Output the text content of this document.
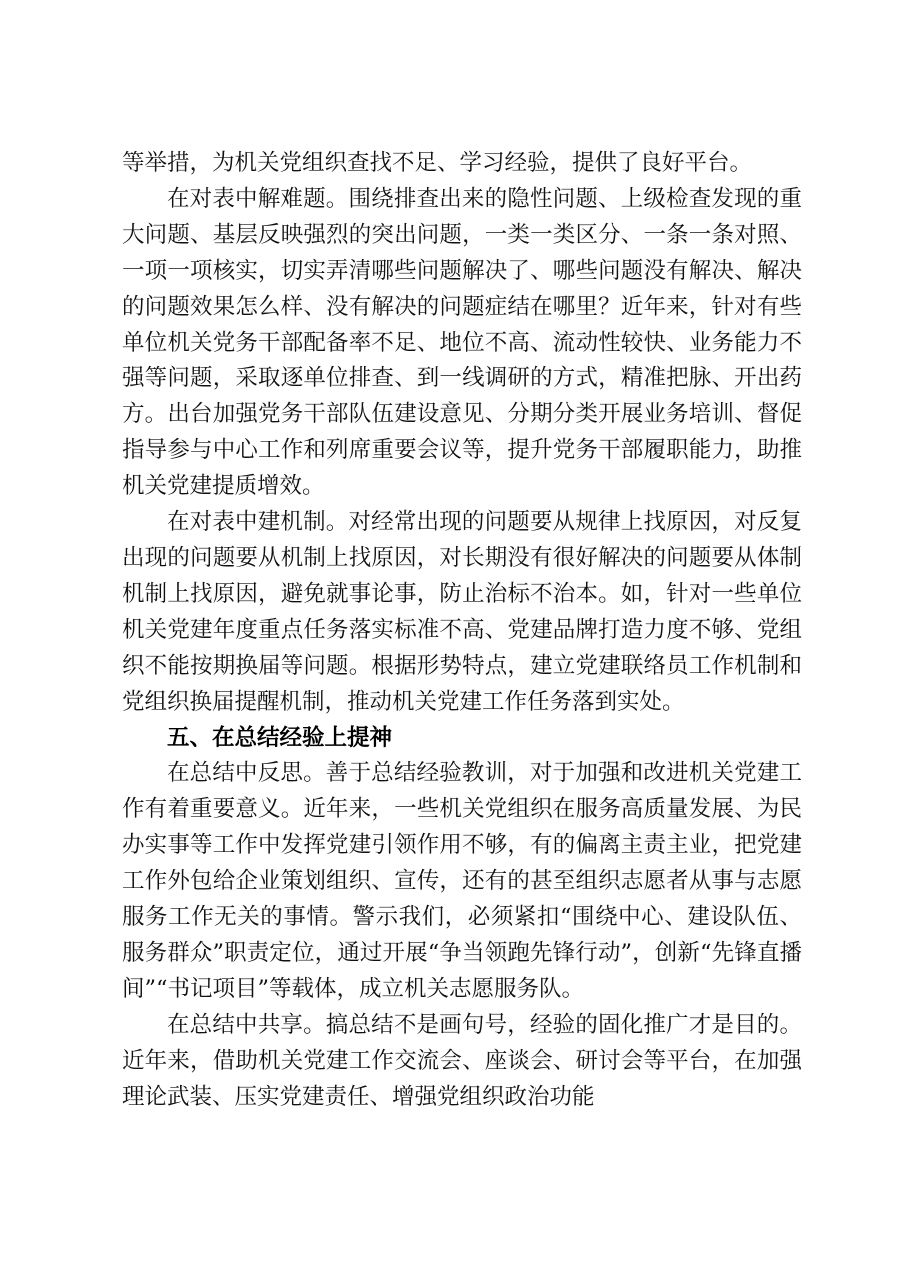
等举措，为机关党组织查找不足、学习经验，提供了良好平台。

在对表中解难题。围绕排查出来的隐性问题、上级检查发现的重大问题、基层反映强烈的突出问题，一类一类区分、一条一条对照、一项一项核实，切实弄清哪些问题解决了、哪些问题没有解决、解决的问题效果怎么样、没有解决的问题症结在哪里？近年来，针对有些单位机关党务干部配备率不足、地位不高、流动性较快、业务能力不强等问题，采取逐单位排查、到一线调研的方式，精准把脉、开出药方。出台加强党务干部队伍建设意见、分期分类开展业务培训、督促指导参与中心工作和列席重要会议等，提升党务干部履职能力，助推机关党建提质增效。

在对表中建机制。对经常出现的问题要从规律上找原因，对反复出现的问题要从机制上找原因，对长期没有很好解决的问题要从体制机制上找原因，避免就事论事，防止治标不治本。如，针对一些单位机关党建年度重点任务落实标准不高、党建品牌打造力度不够、党组织不能按期换届等问题。根据形势特点，建立党建联络员工作机制和党组织换届提醒机制，推动机关党建工作任务落到实处。

五、在总结经验上提神

在总结中反思。善于总结经验教训，对于加强和改进机关党建工作有着重要意义。近年来，一些机关党组织在服务高质量发展、为民办实事等工作中发挥党建引领作用不够，有的偏离主责主业，把党建工作外包给企业策划组织、宣传，还有的甚至组织志愿者从事与志愿服务工作无关的事情。警示我们，必须紧扣“围绕中心、建设队伍、服务群众”职责定位，通过开展“争当领跑先锋行动”，创新“先锋直播间”“书记项目”等载体，成立机关志愿服务队。

在总结中共享。搞总结不是画句号，经验的固化推广才是目的。近年来，借助机关党建工作交流会、座谈会、研讨会等平台，在加强理论武装、压实党建责任、增强党组织政治功能
